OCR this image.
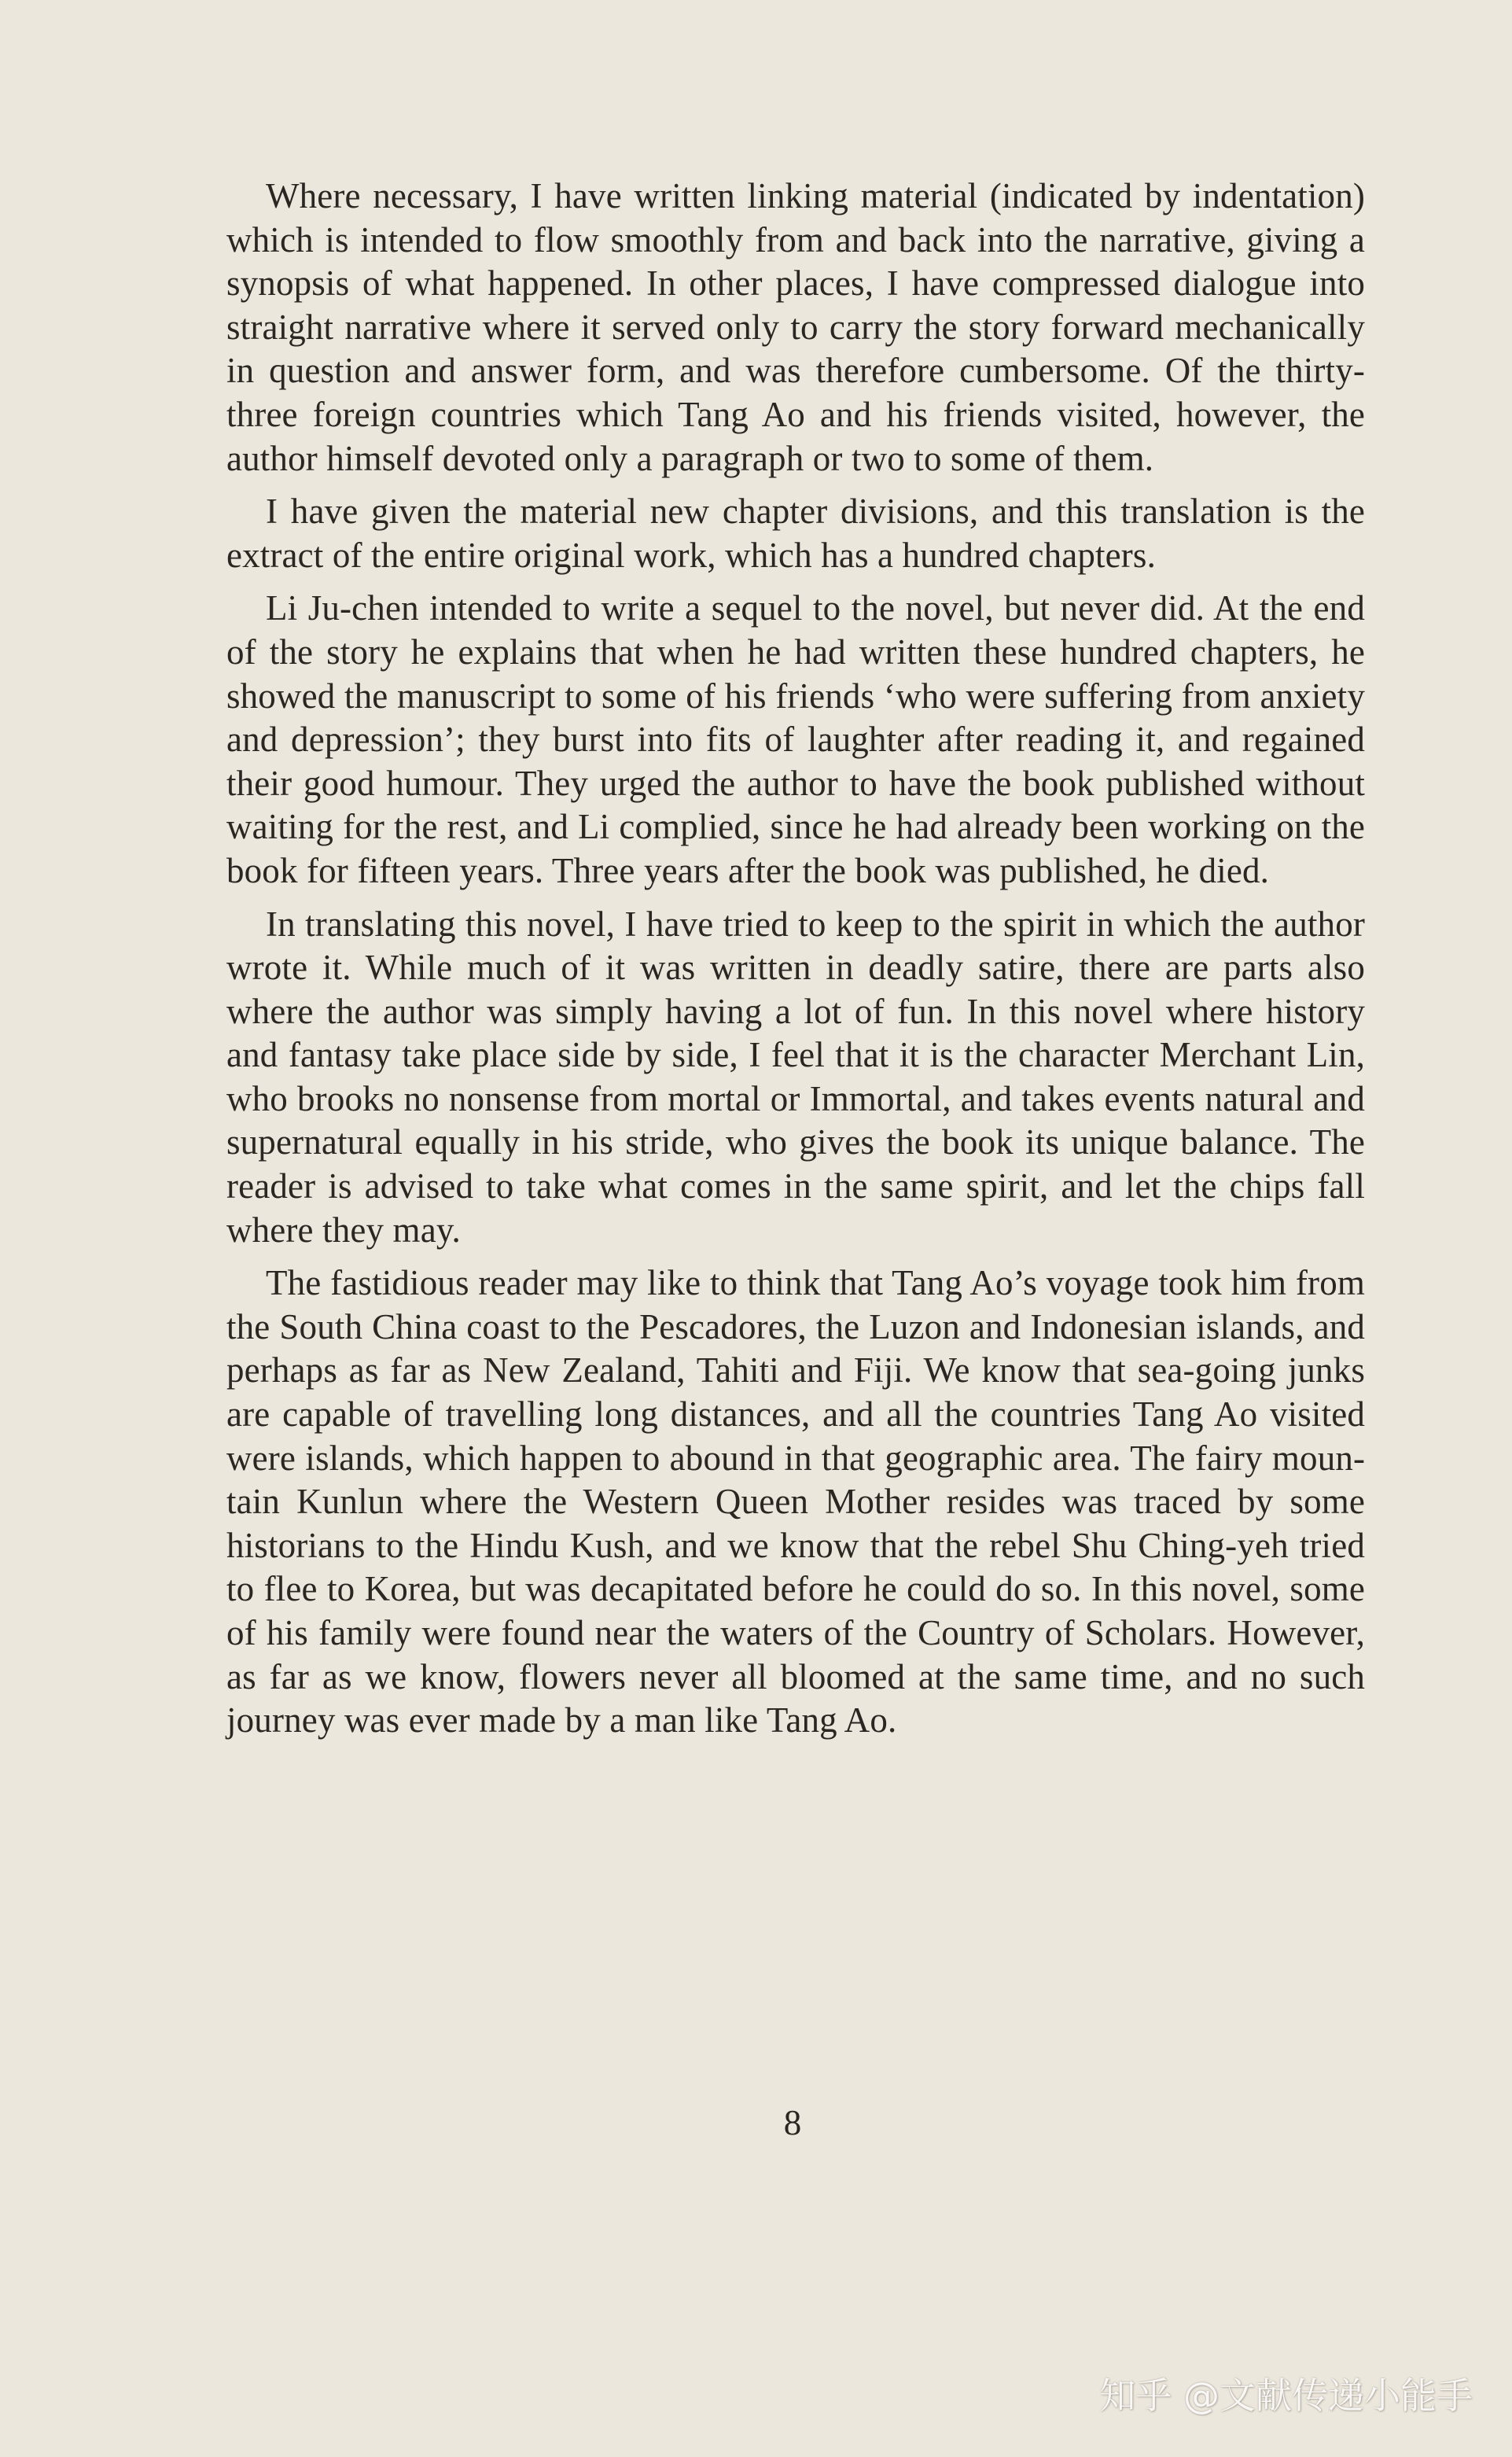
Where necessary, I have written linking material (indicated by indentation) which is intended to flow smoothly from and back into the narrative, giving a synopsis of what happened. In other places, I have compressed dialogue into straight narrative where it served only to carry the story forward mechanically in question and answer form, and was therefore cumbersome. Of the thirty-three foreign countries which Tang Ao and his friends visited, however, the author himself devoted only a paragraph or two to some of them.

I have given the material new chapter divisions, and this translation is the extract of the entire original work, which has a hundred chapters.

Li Ju-chen intended to write a sequel to the novel, but never did. At the end of the story he explains that when he had written these hundred chapters, he showed the manuscript to some of his friends ‘who were suffering from anxiety and depression’; they burst into fits of laughter after reading it, and regained their good humour. They urged the author to have the book published without waiting for the rest, and Li complied, since he had already been working on the book for fifteen years. Three years after the book was published, he died.

In translating this novel, I have tried to keep to the spirit in which the author wrote it. While much of it was written in deadly satire, there are parts also where the author was simply having a lot of fun. In this novel where history and fantasy take place side by side, I feel that it is the character Merchant Lin, who brooks no nonsense from mortal or Immortal, and takes events natural and supernatural equally in his stride, who gives the book its unique balance. The reader is advised to take what comes in the same spirit, and let the chips fall where they may.

The fastidious reader may like to think that Tang Ao’s voyage took him from the South China coast to the Pescadores, the Luzon and Indonesian islands, and perhaps as far as New Zealand, Tahiti and Fiji. We know that sea-going junks are capable of travelling long distances, and all the countries Tang Ao visited were islands, which happen to abound in that geographic area. The fairy mountain Kunlun where the Western Queen Mother resides was traced by some historians to the Hindu Kush, and we know that the rebel Shu Ching-yeh tried to flee to Korea, but was decapitated before he could do so. In this novel, some of his family were found near the waters of the Country of Scholars. However, as far as we know, flowers never all bloomed at the same time, and no such journey was ever made by a man like Tang Ao.

8
知乎 @文献传递小能手
